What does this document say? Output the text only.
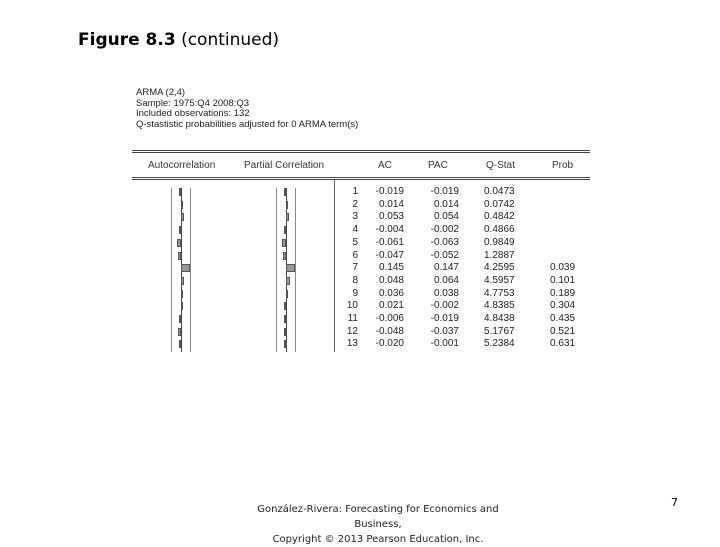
Figure 8.3 (continued)
ARMA (2,4)
Sample: 1975:Q4 2008:Q3
Included observations: 132
Q-stastistic probabilities adjusted for 0 ARMA term(s)
Autocorrelation	Partial Correlation	AC	PAC	Q-Stat	Prob
1	-0.019	-0.019	0.0473
2	0.014	0.014	0.0742
3	0.053	0.054	0.4842
4	-0.004	-0.002	0.4866
5	-0.061	-0.063	0.9849
6	-0.047	-0.052	1.2887
7	0.145	0.147	4.2595	0.039
8	0.048	0.064	4.5957	0.101
9	0.036	0.038	4.7753	0.189
10	0.021	-0.002	4.8385	0.304
11	-0.006	-0.019	4.8438	0.435
12	-0.048	-0.037	5.1767	0.521
13	-0.020	-0.001	5.2384	0.631
González-Rivera: Forecasting for Economics and Business,
Copyright © 2013 Pearson Education, Inc.
7
